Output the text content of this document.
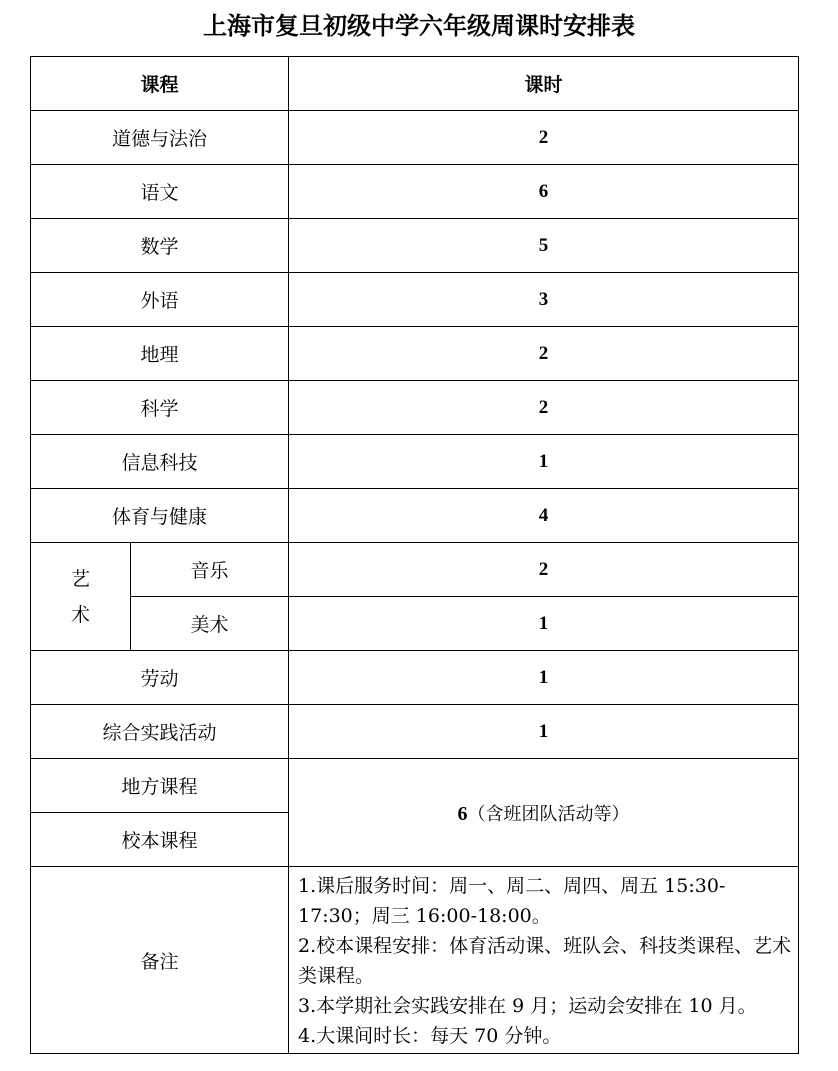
上海市复旦初级中学六年级周课时安排表
课程		课时
道德与法治		2
语文		6
数学		5
外语		3
地理		2
科学		2
信息科技		1
体育与健康		4

艺
术	音乐	2
	美术	1
劳动		1
综合实践活动		1
地方课程		6（含班团队活动等）
校本课程		
备注		1.课后服务时间：周一、周二、周四、周五 15:30-17:30；周三 16:00-18:00。
2.校本课程安排：体育活动课、班队会、科技类课程、艺术类课程。
3.本学期社会实践安排在 9 月；运动会安排在 10 月。
4.大课间时长：每天 70 分钟。
